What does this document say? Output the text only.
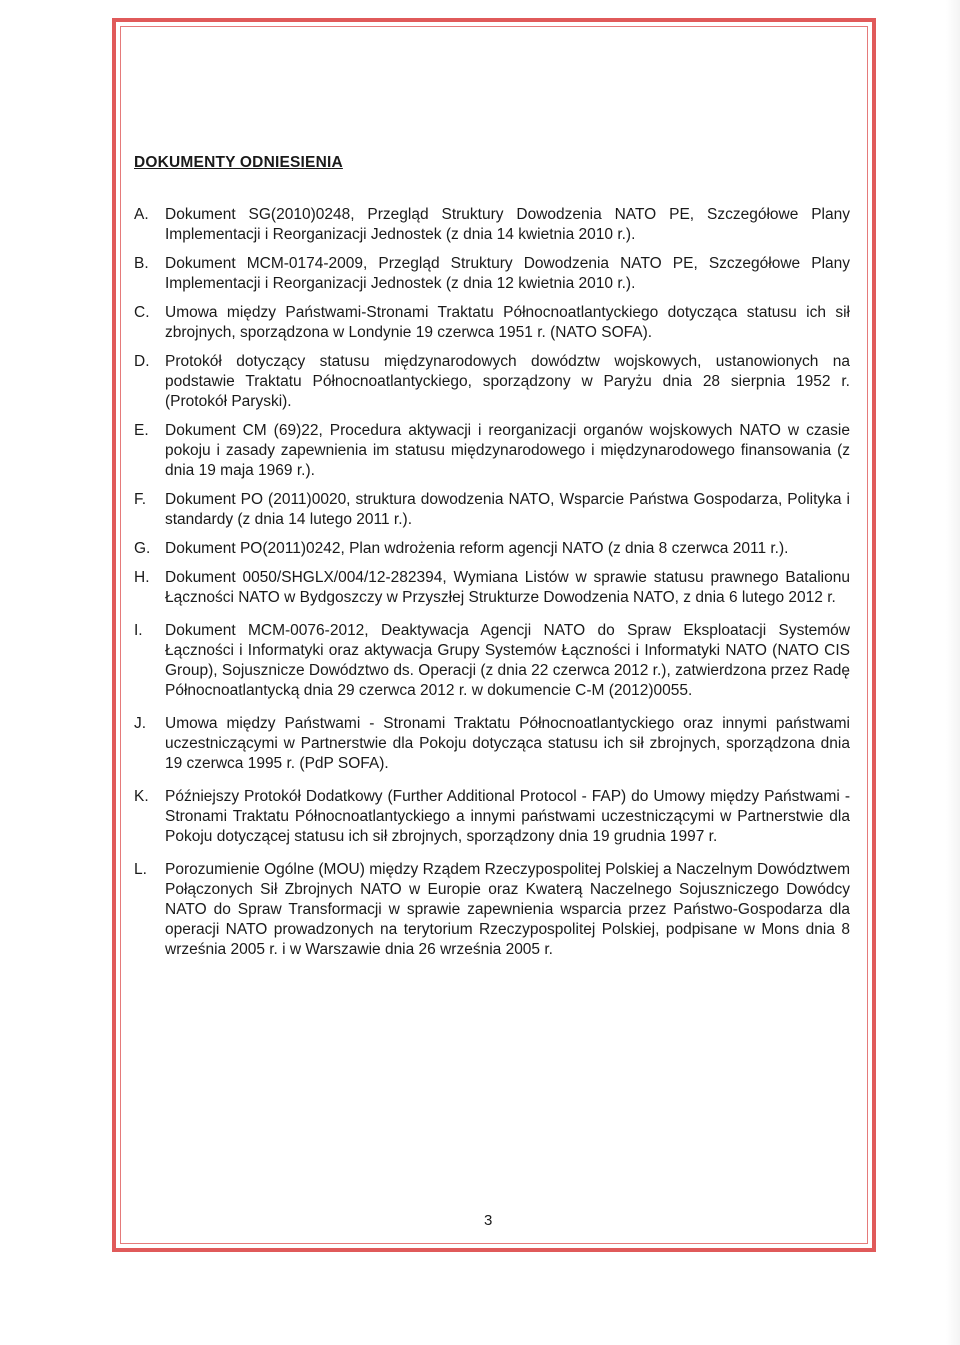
DOKUMENTY ODNIESIENIA
A.	Dokument SG(2010)0248, Przegląd Struktury Dowodzenia NATO PE, Szczegółowe Plany Implementacji i Reorganizacji Jednostek (z dnia 14 kwietnia 2010 r.).
B.	Dokument MCM-0174-2009, Przegląd Struktury Dowodzenia NATO PE, Szczegółowe Plany Implementacji i Reorganizacji Jednostek (z dnia 12 kwietnia 2010 r.).
C.	Umowa między Państwami-Stronami Traktatu Północnoatlantyckiego dotycząca statusu ich sił zbrojnych, sporządzona w Londynie 19 czerwca 1951 r. (NATO SOFA).
D.	Protokół dotyczący statusu międzynarodowych dowództw wojskowych, ustanowionych na podstawie Traktatu Północnoatlantyckiego, sporządzony w Paryżu dnia 28 sierpnia 1952 r. (Protokół Paryski).
E.	Dokument CM (69)22, Procedura aktywacji i reorganizacji organów wojskowych NATO w czasie pokoju i zasady zapewnienia im statusu międzynarodowego i międzynarodowego finansowania (z dnia 19 maja 1969 r.).
F.	Dokument PO (2011)0020, struktura dowodzenia NATO, Wsparcie Państwa Gospodarza, Polityka i standardy (z dnia 14 lutego 2011 r.).
G. Dokument PO(2011)0242, Plan wdrożenia reform agencji NATO (z dnia 8 czerwca 2011 r.).
H.	Dokument 0050/SHGLX/004/12-282394, Wymiana Listów w sprawie statusu prawnego Batalionu Łączności NATO w Bydgoszczy w Przyszłej Strukturze Dowodzenia NATO, z dnia 6 lutego 2012 r.
I.	Dokument MCM-0076-2012, Deaktywacja Agencji NATO do Spraw Eksploatacji Systemów Łączności i Informatyki oraz aktywacja Grupy Systemów Łączności i Informatyki NATO (NATO CIS Group), Sojusznicze Dowództwo ds. Operacji (z dnia 22 czerwca 2012 r.), zatwierdzona przez Radę Północnoatlantycką dnia 29 czerwca 2012 r. w dokumencie C-M (2012)0055.
J.	Umowa między Państwami - Stronami Traktatu Północnoatlantyckiego oraz innymi państwami uczestniczącymi w Partnerstwie dla Pokoju dotycząca statusu ich sił zbrojnych, sporządzona dnia 19 czerwca 1995 r. (PdP SOFA).
K.	Późniejszy Protokół Dodatkowy (Further Additional Protocol - FAP) do Umowy między Państwami - Stronami Traktatu Północnoatlantyckiego a innymi państwami uczestniczącymi w Partnerstwie dla Pokoju dotyczącej statusu ich sił zbrojnych, sporządzony dnia 19 grudnia 1997 r.
L.	Porozumienie Ogólne (MOU) między Rządem Rzeczypospolitej Polskiej a Naczelnym Dowództwem Połączonych Sił Zbrojnych NATO w Europie oraz Kwaterą Naczelnego Sojuszniczego Dowódcy NATO do Spraw Transformacji w sprawie zapewnienia wsparcia przez Państwo-Gospodarza dla operacji NATO prowadzonych na terytorium Rzeczypospolitej Polskiej, podpisane w Mons dnia 8 września 2005 r. i w Warszawie dnia 26 września 2005 r.
3
